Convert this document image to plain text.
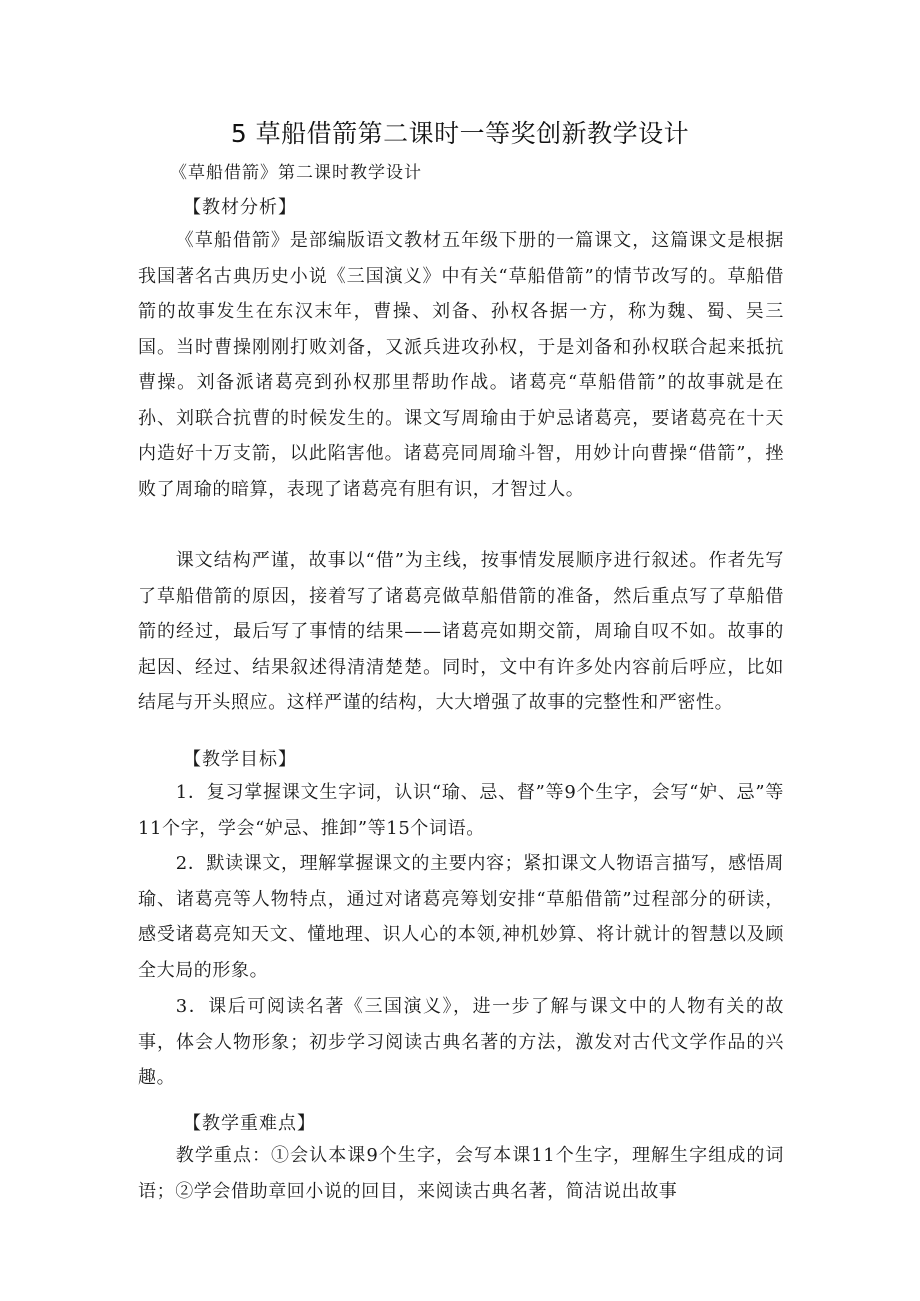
5 草船借箭第二课时一等奖创新教学设计
《草船借箭》第二课时教学设计
【教材分析】

《草船借箭》是部编版语文教材五年级下册的一篇课文，这篇课文是根据我国著名古典历史小说《三国演义》中有关“草船借箭”的情节改写的。草船借箭的故事发生在东汉末年，曹操、刘备、孙权各据一方，称为魏、蜀、吴三国。当时曹操刚刚打败刘备，又派兵进攻孙权，于是刘备和孙权联合起来抵抗曹操。刘备派诸葛亮到孙权那里帮助作战。诸葛亮“草船借箭”的故事就是在孙、刘联合抗曹的时候发生的。课文写周瑜由于妒忌诸葛亮，要诸葛亮在十天内造好十万支箭，以此陷害他。诸葛亮同周瑜斗智，用妙计向曹操“借箭”，挫败了周瑜的暗算，表现了诸葛亮有胆有识，才智过人。

课文结构严谨，故事以“借”为主线，按事情发展顺序进行叙述。作者先写了草船借箭的原因，接着写了诸葛亮做草船借箭的准备，然后重点写了草船借箭的经过，最后写了事情的结果——诸葛亮如期交箭，周瑜自叹不如。故事的起因、经过、结果叙述得清清楚楚。同时，文中有许多处内容前后呼应，比如结尾与开头照应。这样严谨的结构，大大增强了故事的完整性和严密性。

【教学目标】

1．复习掌握课文生字词，认识“瑜、忌、督”等9个生字，会写“妒、忌”等11个字，学会“妒忌、推卸”等15个词语。

2．默读课文，理解掌握课文的主要内容；紧扣课文人物语言描写，感悟周瑜、诸葛亮等人物特点，通过对诸葛亮筹划安排“草船借箭”过程部分的研读，感受诸葛亮知天文、懂地理、识人心的本领,神机妙算、将计就计的智慧以及顾全大局的形象。

3．课后可阅读名著《三国演义》，进一步了解与课文中的人物有关的故事，体会人物形象；初步学习阅读古典名著的方法，激发对古代文学作品的兴趣。

【教学重难点】

教学重点：①会认本课9个生字，会写本课11个生字，理解生字组成的词语；②学会借助章回小说的回目，来阅读古典名著，简洁说出故事
